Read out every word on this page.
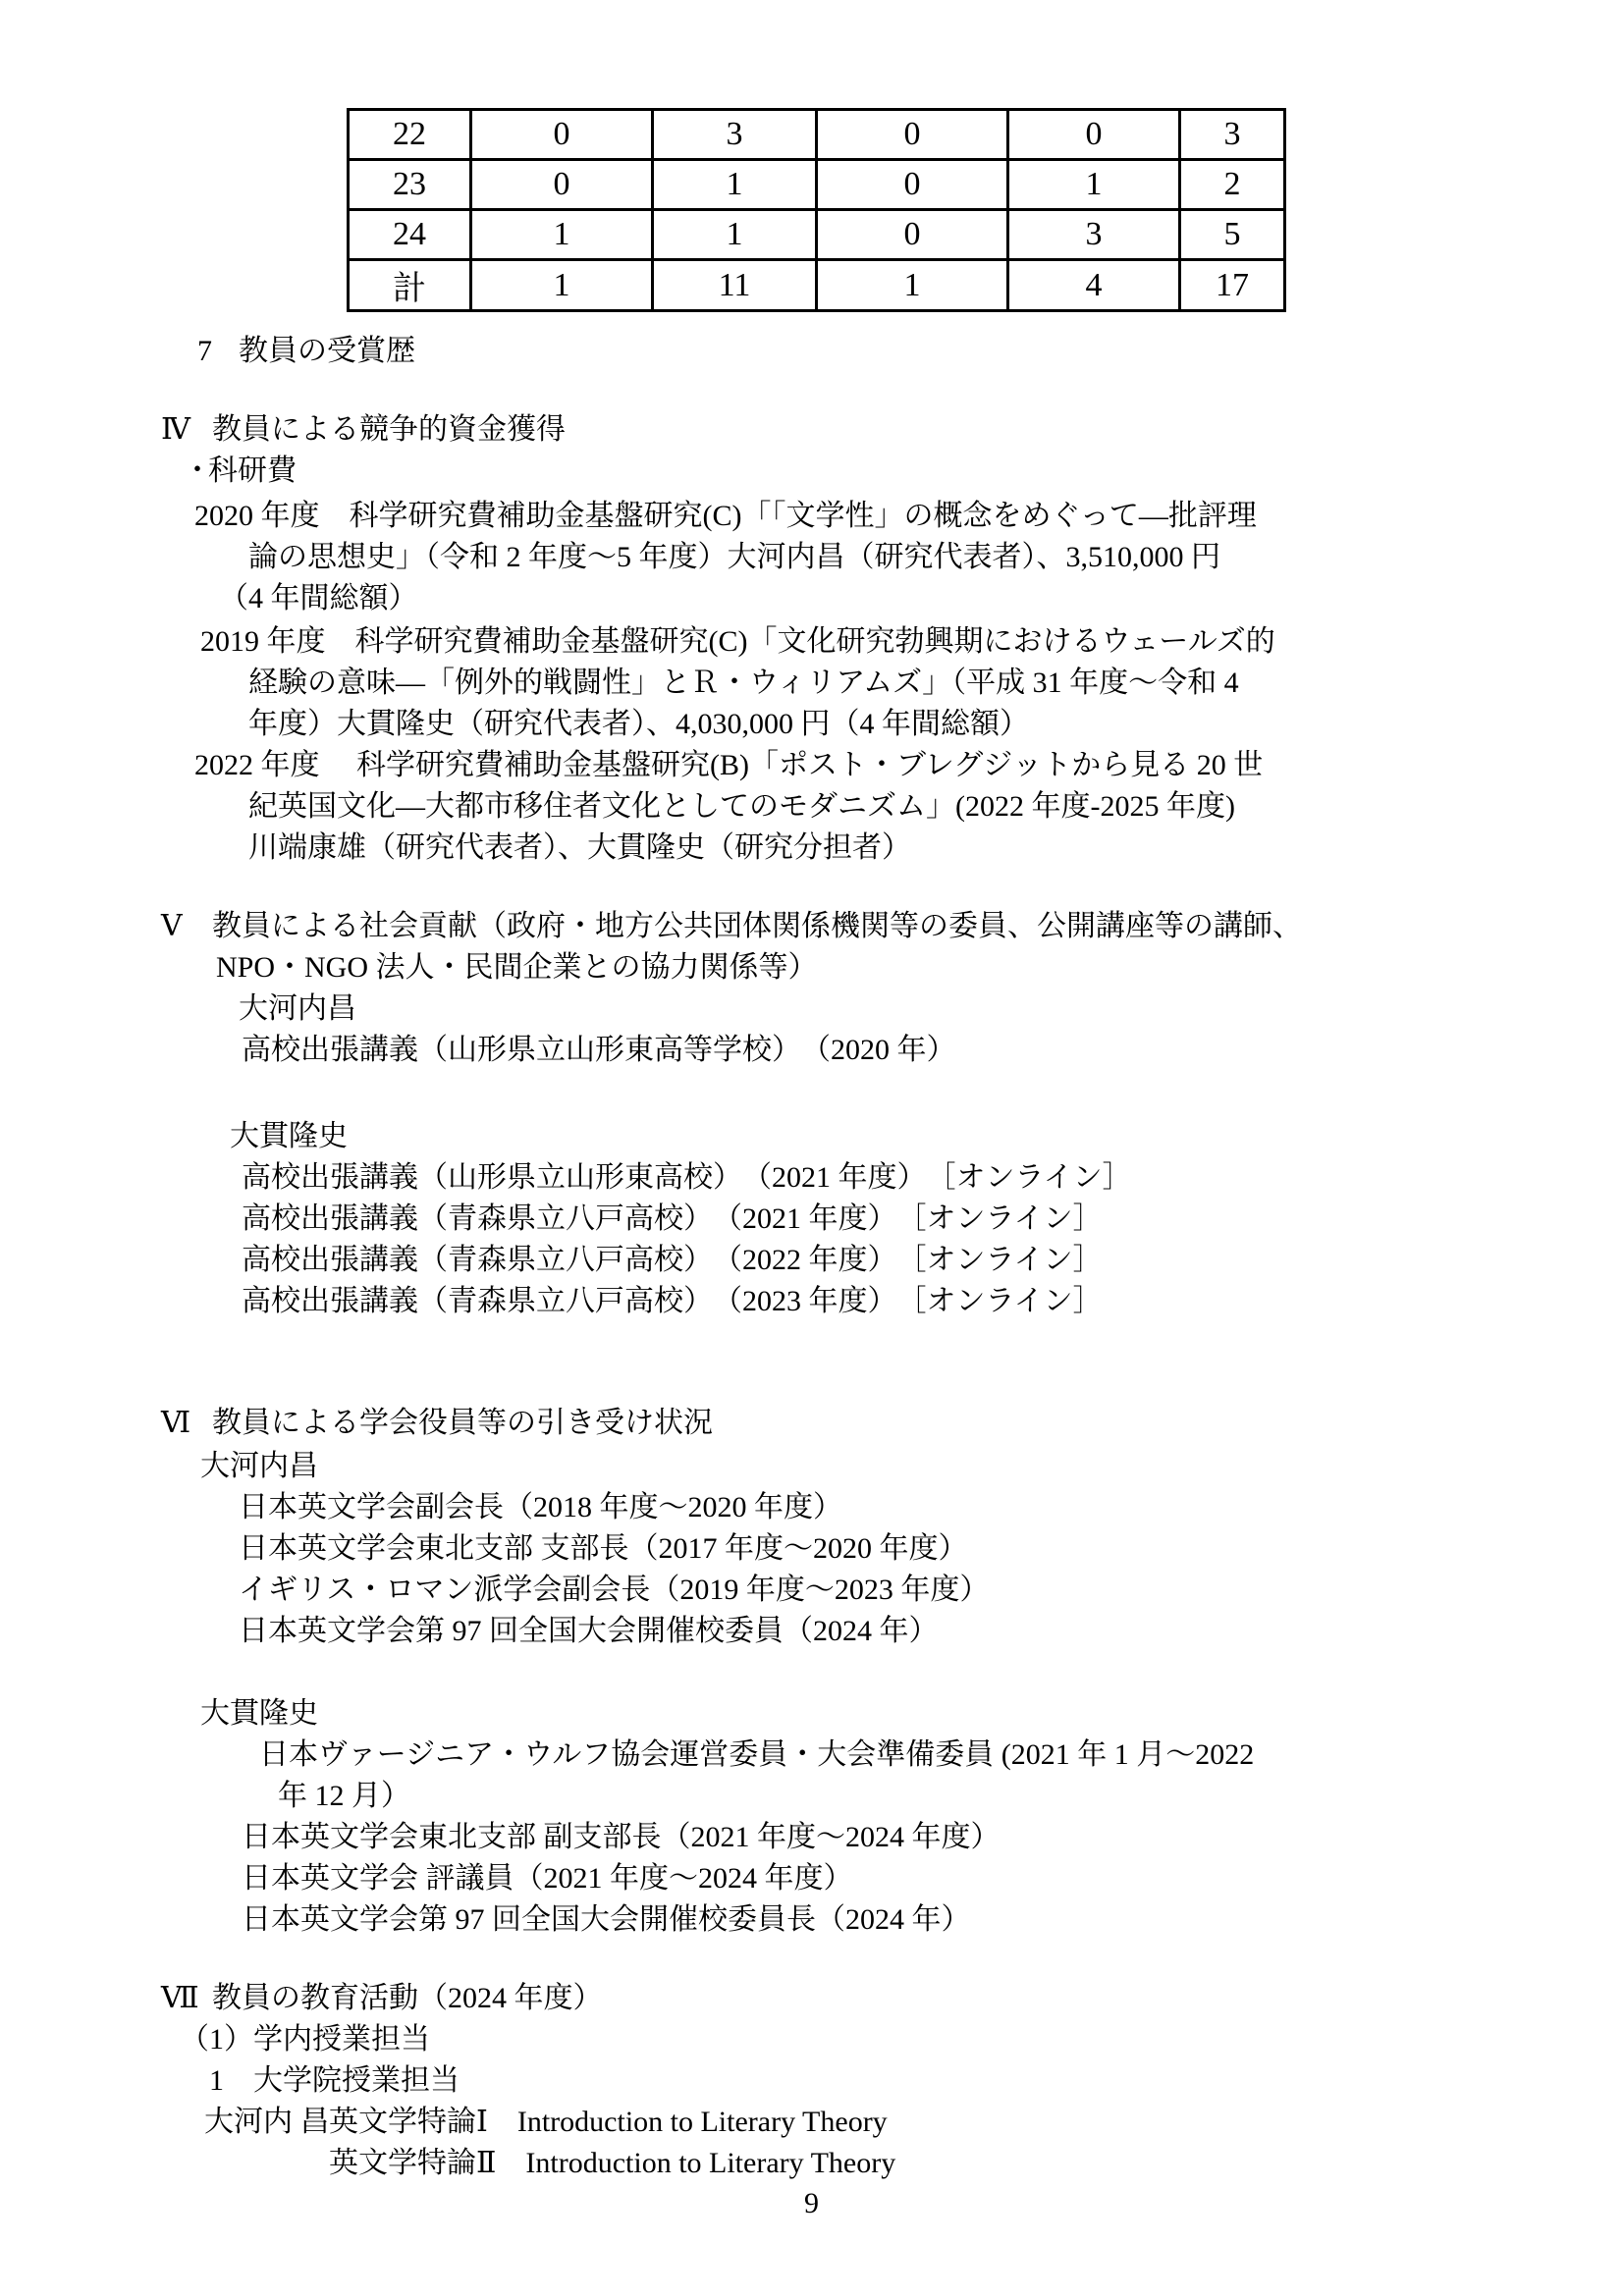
22	0	3	0	0	3
23	0	1	0	1	2
24	1	1	0	3	5
計	1	11	1	4	17
7 教員の受賞歴
Ⅳ 教員による競争的資金獲得
・
科研費
2020 年度　科学研究費補助金基盤研究(C)「「文学性」の概念をめぐって―批評理
論の思想史」（令和 2 年度～5 年度）大河内昌（研究代表者）、3,510,000 円
（4 年間総額）
2019 年度　科学研究費補助金基盤研究(C)「文化研究勃興期におけるウェールズ的
経験の意味―「例外的戦闘性」とＲ・ウィリアムズ」（平成 31 年度～令和 4
年度）大貫隆史（研究代表者）、4,030,000 円（4 年間総額）
2022 年度　 科学研究費補助金基盤研究(B)「ポスト・ブレグジットから見る 20 世
紀英国文化―大都市移住者文化としてのモダニズム」(2022 年度-2025 年度)
川端康雄（研究代表者）、大貫隆史（研究分担者）
Ⅴ 教員による社会貢献（政府・地方公共団体関係機関等の委員、公開講座等の講師、
NPO・NGO 法人・民間企業との協力関係等）
大河内昌
高校出張講義（山形県立山形東高等学校）　（2020 年）
大貫隆史
高校出張講義（山形県立山形東高校）　（2021 年度）　［オンライン］
高校出張講義（青森県立八戸高校）　（2021 年度）　［オンライン］
高校出張講義（青森県立八戸高校）　（2022 年度）　［オンライン］
高校出張講義（青森県立八戸高校）　（2023 年度）　［オンライン］
Ⅵ 教員による学会役員等の引き受け状況
大河内昌
日本英文学会副会長（2018 年度～2020 年度）
日本英文学会東北支部 支部長（2017 年度～2020 年度）
イギリス・ロマン派学会副会長（2019 年度～2023 年度）
日本英文学会第 97 回全国大会開催校委員（2024 年）
大貫隆史
日本ヴァージニア・ウルフ協会運営委員・大会準備委員 (2021 年 1 月～2022
年 12 月）
日本英文学会東北支部 副支部長（2021 年度～2024 年度）
日本英文学会 評議員（2021 年度～2024 年度）
日本英文学会第 97 回全国大会開催校委員長（2024 年）
Ⅶ 教員の教育活動（2024 年度）
（1）学内授業担当
1 大学院授業担当
大河内 昌 英文学特論Ⅰ　Introduction to Literary Theory
英文学特論Ⅱ　Introduction to Literary Theory
9
